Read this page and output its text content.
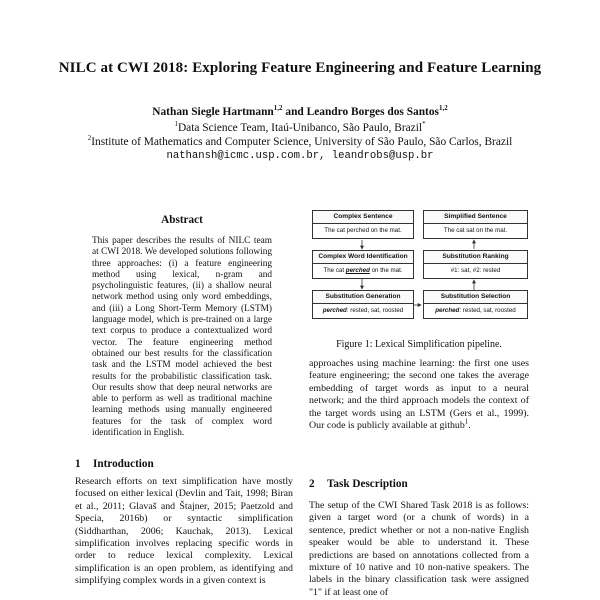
NILC at CWI 2018: Exploring Feature Engineering and Feature Learning
Nathan Siegle Hartmann$^{1,2}$ and Leandro Borges dos Santos$^{1,2}$
$^1$Data Science Team, Itaú-Unibanco, São Paulo, Brazil*
$^2$Institute of Mathematics and Computer Science, University of São Paulo, São Carlos, Brazil
nathansh@icmc.usp.com.br, leandrobs@usp.br
Abstract
This paper describes the results of NILC team at CWI 2018. We developed solutions following three approaches: (i) a feature engineering method using lexical, n-gram and psycholinguistic features, (ii) a shallow neural network method using only word embeddings, and (iii) a Long Short-Term Memory (LSTM) language model, which is pre-trained on a large text corpus to produce a contextualized word vector. The feature engineering method obtained our best results for the classification task and the LSTM model achieved the best results for the probabilistic classification task. Our results show that deep neural networks are able to perform as well as traditional machine learning methods using manually engineered features for the task of complex word identification in English.
1 Introduction
Research efforts on text simplification have mostly focused on either lexical (Devlin and Tait, 1998; Biran et al., 2011; Glavaš and Štajner, 2015; Paetzold and Specia, 2016b) or syntactic simplification (Siddharthan, 2006; Kauchak, 2013). Lexical simplification involves replacing specific words in order to reduce lexical complexity. Lexical simplification is an open problem, as identifying and simplifying complex words in a given context is
Complex Sentence
The cat perched on the mat.
Complex Word Identification
The cat perched on the mat.
Substitution Generation
perched: rested, sat, roosted
Substitution Selection
perched: rested, sat, roosted
Substitution Ranking
#1: sat, #2: rested
Simplified Sentence
The cat sat on the mat.
Figure 1: Lexical Simplification pipeline.
approaches using machine learning: the first one uses feature engineering; the second one takes the average embedding of target words as input to a neural network; and the third approach models the context of the target words using an LSTM (Gers et al., 1999). Our code is publicly available at github$^1$.
2 Task Description
The setup of the CWI Shared Task 2018 is as follows: given a target word (or a chunk of words) in a sentence, predict whether or not a non-native English speaker would be able to understand it. These predictions are based on annotations collected from a mixture of 10 native and 10 non-native speakers. The labels in the binary classification task were assigned "1" if at least one of
